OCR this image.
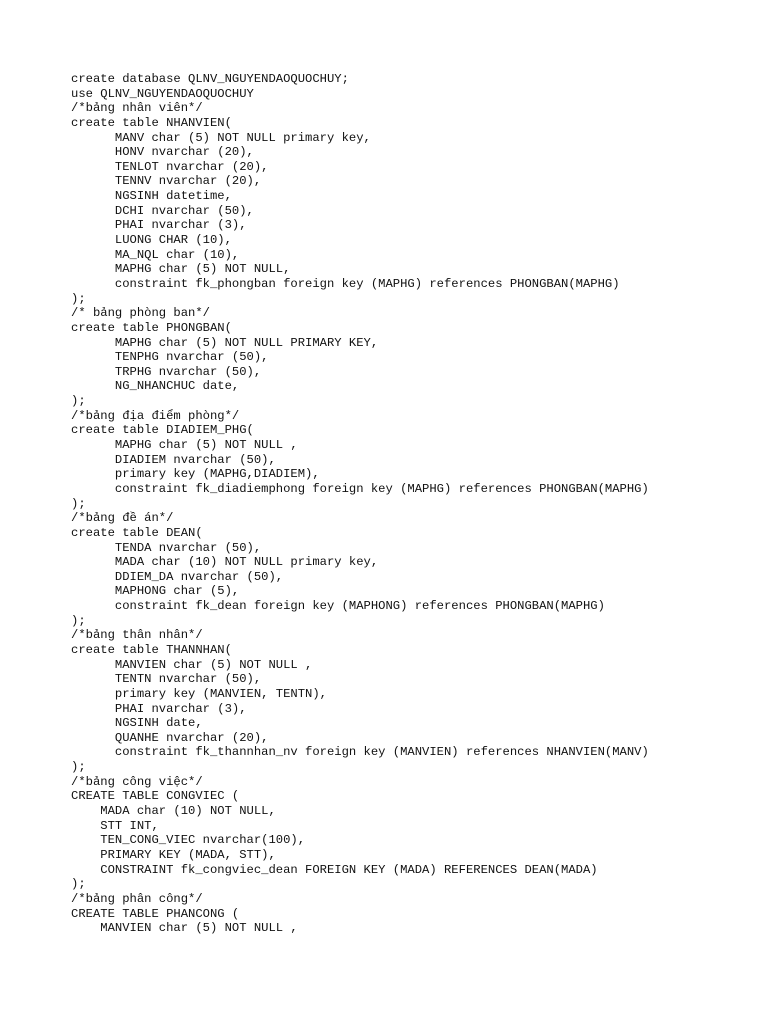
create database QLNV_NGUYENDAOQUOCHUY;
use QLNV_NGUYENDAOQUOCHUY
/*bảng nhân viên*/
create table NHANVIEN(
MANV char (5) NOT NULL primary key,
HONV nvarchar (20),
TENLOT nvarchar (20),
TENNV nvarchar (20),
NGSINH datetime,
DCHI nvarchar (50),
PHAI nvarchar (3),
LUONG CHAR (10),
MA_NQL char (10),
MAPHG char (5) NOT NULL,
constraint fk_phongban foreign key (MAPHG) references PHONGBAN(MAPHG)
);
/* bảng phòng ban*/
create table PHONGBAN(
MAPHG char (5) NOT NULL PRIMARY KEY,
TENPHG nvarchar (50),
TRPHG nvarchar (50),
NG_NHANCHUC date,
);
/*bảng địa điểm phòng*/
create table DIADIEM_PHG(
MAPHG char (5) NOT NULL ,
DIADIEM nvarchar (50),
primary key (MAPHG,DIADIEM),
constraint fk_diadiemphong foreign key (MAPHG) references PHONGBAN(MAPHG)
);
/*bảng đề án*/
create table DEAN(
TENDA nvarchar (50),
MADA char (10) NOT NULL primary key,
DDIEM_DA nvarchar (50),
MAPHONG char (5),
constraint fk_dean foreign key (MAPHONG) references PHONGBAN(MAPHG)
);
/*bảng thân nhân*/
create table THANNHAN(
MANVIEN char (5) NOT NULL ,
TENTN nvarchar (50),
primary key (MANVIEN, TENTN),
PHAI nvarchar (3),
NGSINH date,
QUANHE nvarchar (20),
constraint fk_thannhan_nv foreign key (MANVIEN) references NHANVIEN(MANV)
);
/*bảng công việc*/
CREATE TABLE CONGVIEC (
MADA char (10) NOT NULL,
STT INT,
TEN_CONG_VIEC nvarchar(100),
PRIMARY KEY (MADA, STT),
CONSTRAINT fk_congviec_dean FOREIGN KEY (MADA) REFERENCES DEAN(MADA)
);
/*bảng phân công*/
CREATE TABLE PHANCONG (
MANVIEN char (5) NOT NULL ,
